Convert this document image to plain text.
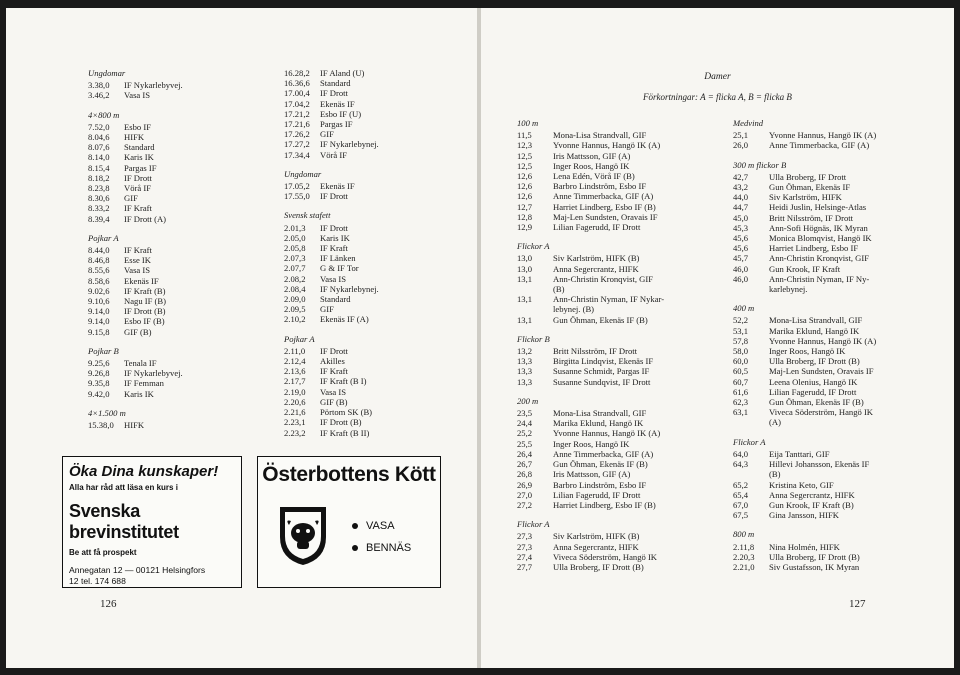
Ungdomar
3.38,0	IF Nykarlebyvej.
3.46,2	Vasa IS
4×800 m
7.52,0	Esbo IF
8.04,6	HIFK
8.07,6	Standard
8.14,0	Karis IK
8.15,4	Pargas IF
8.18,2	IF Drott
8.23,8	Vörå IF
8.30,6	GIF
8.33,2	IF Kraft
8.39,4	IF Drott (A)
Pojkar A
8.44,0	IF Kraft
8.46,8	Esse IK
8.55,6	Vasa IS
8.58,6	Ekenäs IF
9.02,6	IF Kraft (B)
9.10,6	Nagu IF (B)
9.14,0	IF Drott (B)
9.14,0	Esbo IF (B)
9.15,8	GIF (B)
Pojkar B
9.25,6	Tenala IF
9.26,8	IF Nykarlebyvej.
9.35,8	IF Femman
9.42,0	Karis IK
4×1.500 m
15.38,0	HIFK
16.28,2	IF Aland (U)
16.36,6	Standard
17.00,4	IF Drott
17.04,2	Ekenäs IF
17.21,2	Esbo IF (U)
17.21,6	Pargas IF
17.26,2	GIF
17.27,2	IF Nykarlebynej.
17.34,4	Vörå IF
Ungdomar
17.05,2	Ekenäs IF
17.55,0	IF Drott
Svensk stafett
2.01,3	IF Drott
2.05,0	Karis IK
2.05,8	IF Kraft
2.07,3	IF Länken
2.07,7	G & IF Tor
2.08,2	Vasa IS
2.08,4	IF Nykarlebynej.
2.09,0	Standard
2.09,5	GIF
2.10,2	Ekenäs IF (A)
Pojkar A
2.11,0	IF Drott
2.12,4	Akilles
2.13,6	IF Kraft
2.17,7	IF Kraft (B I)
2.19,0	Vasa IS
2.20,6	GIF (B)
2.21,6	Pörtom SK (B)
2.23,1	IF Drott (B)
2.23,2	IF Kraft (B II)
Öka Dina kunskaper!
Alla har råd att läsa en kurs i
Svenska brevinstitutet
Be att få prospekt
Annegatan 12 — 00121 Helsingfors
12 tel. 174 688
Österbottens Kött
VASA
BENNÄS
126
Damer
Förkortningar: A = flicka A, B = flicka B
100 m
11,5	Mona-Lisa Strandvall, GIF
12,3	Yvonne Hannus, Hangö IK (A)
12,5	Iris Mattsson, GIF (A)
12,5	Inger Roos, Hangö IK
12,6	Lena Edén, Vörå IF (B)
12,6	Barbro Lindström, Esbo IF
12,6	Anne Timmerbacka, GIF (A)
12,7	Harriet Lindberg, Esbo IF (B)
12,8	Maj-Len Sundsten, Oravais IF
12,9	Lilian Fagerudd, IF Drott
Flickor A
13,0	Siv Karlström, HIFK (B)
13,0	Anna Segercrantz, HIFK
13,1	Ann-Christin Kronqvist, GIF
(B)
13,1	Ann-Christin Nyman, IF Nykar-
lebynej. (B)
13,1	Gun Öhman, Ekenäs IF (B)
Flickor B
13,2	Britt Nilsström, IF Drott
13,3	Birgitta Lindqvist, Ekenäs IF
13,3	Susanne Schmidt, Pargas IF
13,3	Susanne Sundqvist, IF Drott
200 m
23,5	Mona-Lisa Strandvall, GIF
24,4	Marika Eklund, Hangö IK
25,2	Yvonne Hannus, Hangö IK (A)
25,5	Inger Roos, Hangö IK
26,4	Anne Timmerbacka, GIF (A)
26,7	Gun Öhman, Ekenäs IF (B)
26,8	Iris Mattsson, GIF (A)
26,9	Barbro Lindström, Esbo IF
27,0	Lilian Fagerudd, IF Drott
27,2	Harriet Lindberg, Esbo IF (B)
Flickor A
27,3	Siv Karlström, HIFK (B)
27,3	Anna Segercrantz, HIFK
27,4	Viveca Söderström, Hangö IK
27,7	Ulla Broberg, IF Drott (B)
Medvind
25,1	Yvonne Hannus, Hangö IK (A)
26,0	Anne Timmerbacka, GIF (A)
300 m flickor B
42,7	Ulla Broberg, IF Drott
43,2	Gun Öhman, Ekenäs IF
44,0	Siv Karlström, HIFK
44,7	Heidi Juslin, Helsinge-Atlas
45,0	Britt Nilsström, IF Drott
45,3	Ann-Sofi Högnäs, IK Myran
45,6	Monica Blomqvist, Hangö IK
45,6	Harriet Lindberg, Esbo IF
45,7	Ann-Christin Kronqvist, GIF
46,0	Gun Krook, IF Kraft
46,0	Ann-Christin Nyman, IF Ny-
karlebynej.
400 m
52,2	Mona-Lisa Strandvall, GIF
53,1	Marika Eklund, Hangö IK
57,8	Yvonne Hannus, Hangö IK (A)
58,0	Inger Roos, Hangö IK
60,0	Ulla Broberg, IF Drott (B)
60,5	Maj-Len Sundsten, Oravais IF
60,7	Leena Olenius, Hangö IK
61,6	Lilian Fagerudd, IF Drott
62,3	Gun Öhman, Ekenäs IF (B)
63,1	Viveca Söderström, Hangö IK
(A)
Flickor A
64,0	Eija Tanttari, GIF
64,3	Hillevi Johansson, Ekenäs IF
(B)
65,2	Kristina Keto, GIF
65,4	Anna Segercrantz, HIFK
67,0	Gun Krook, IF Kraft (B)
67,5	Gina Jansson, HIFK
800 m
2.11,8	Nina Holmén, HIFK
2.20,3	Ulla Broberg, IF Drott (B)
2.21,0	Siv Gustafsson, IK Myran
127
